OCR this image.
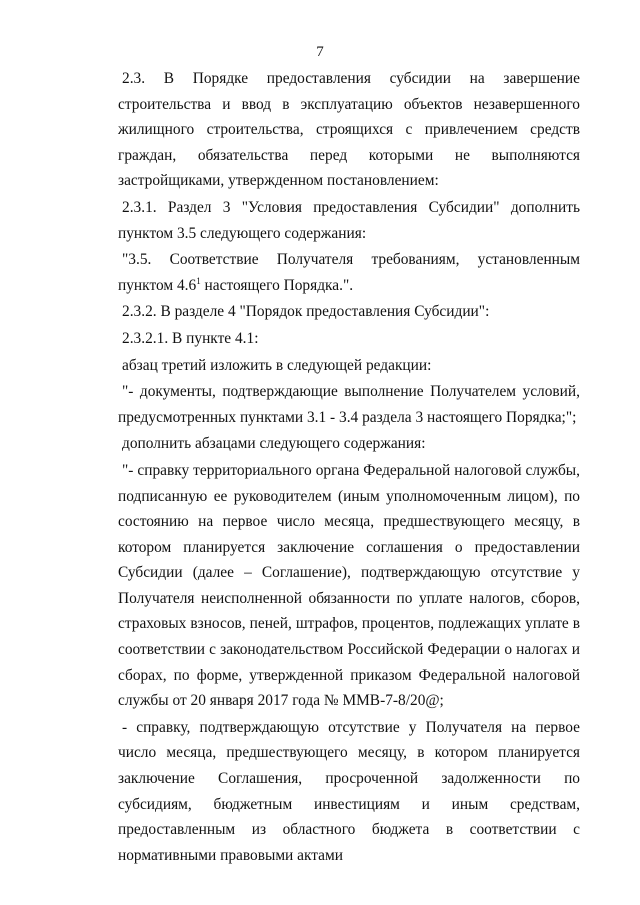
7

2.3. В Порядке предоставления субсидии на завершение строительства и ввод в эксплуатацию объектов незавершенного жилищного строительства, строящихся с привлечением средств граждан, обязательства перед которыми не выполняются застройщиками, утвержденном постановлением:

2.3.1. Раздел 3 "Условия предоставления Субсидии" дополнить пунктом 3.5 следующего содержания:

"3.5. Соответствие Получателя требованиям, установленным пунктом $4.6^1$ настоящего Порядка.".

2.3.2. В разделе 4 "Порядок предоставления Субсидии":

2.3.2.1. В пункте 4.1:

абзац третий изложить в следующей редакции:

"- документы, подтверждающие выполнение Получателем условий, предусмотренных пунктами 3.1 - 3.4 раздела 3 настоящего Порядка;";

дополнить абзацами следующего содержания:

"- справку территориального органа Федеральной налоговой службы, подписанную ее руководителем (иным уполномоченным лицом), по состоянию на первое число месяца, предшествующего месяцу, в котором планируется заключение соглашения о предоставлении Субсидии (далее – Соглашение), подтверждающую отсутствие у Получателя неисполненной обязанности по уплате налогов, сборов, страховых взносов, пеней, штрафов, процентов, подлежащих уплате в соответствии с законодательством Российской Федерации о налогах и сборах, по форме, утвержденной приказом Федеральной налоговой службы от 20 января 2017 года № ММВ-7-8/20@;

- справку, подтверждающую отсутствие у Получателя на первое число месяца, предшествующего месяцу, в котором планируется заключение Соглашения, просроченной задолженности по субсидиям, бюджетным инвестициям и иным средствам, предоставленным из областного бюджета в соответствии с нормативными правовыми актами
